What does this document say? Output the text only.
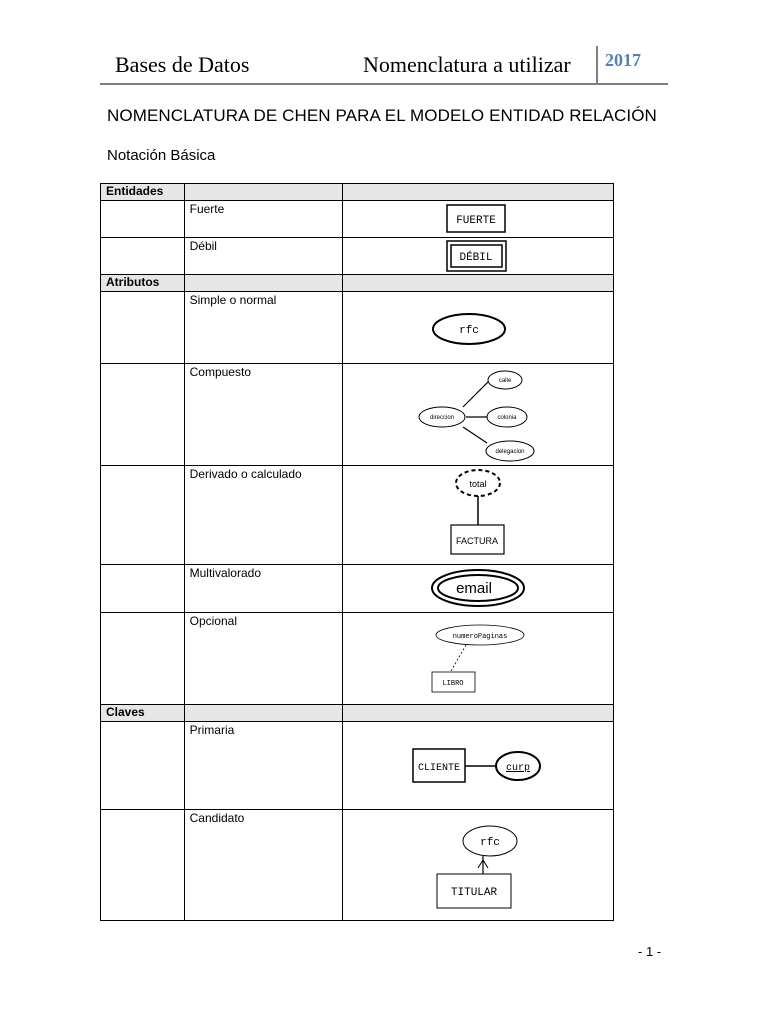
Bases de Datos	Nomenclatura a utilizar 2017
NOMENCLATURA DE CHEN PARA EL MODELO ENTIDAD RELACIÓN
Notación Básica
Entidades		

	Fuerte	FUERTE

	Débil	DÉBIL

Atributos		

	Simple o normal	rfc

	Compuesto	direccion
calle
colonia
delegacion

	Derivado o calculado	total
FACTURA

	Multivalorado	email

	Opcional	numeroPaginas
LIBRO

Claves		

	Primaria	CLIENTE curp

	Candidato	rfc
TITULAR
- 1 -
